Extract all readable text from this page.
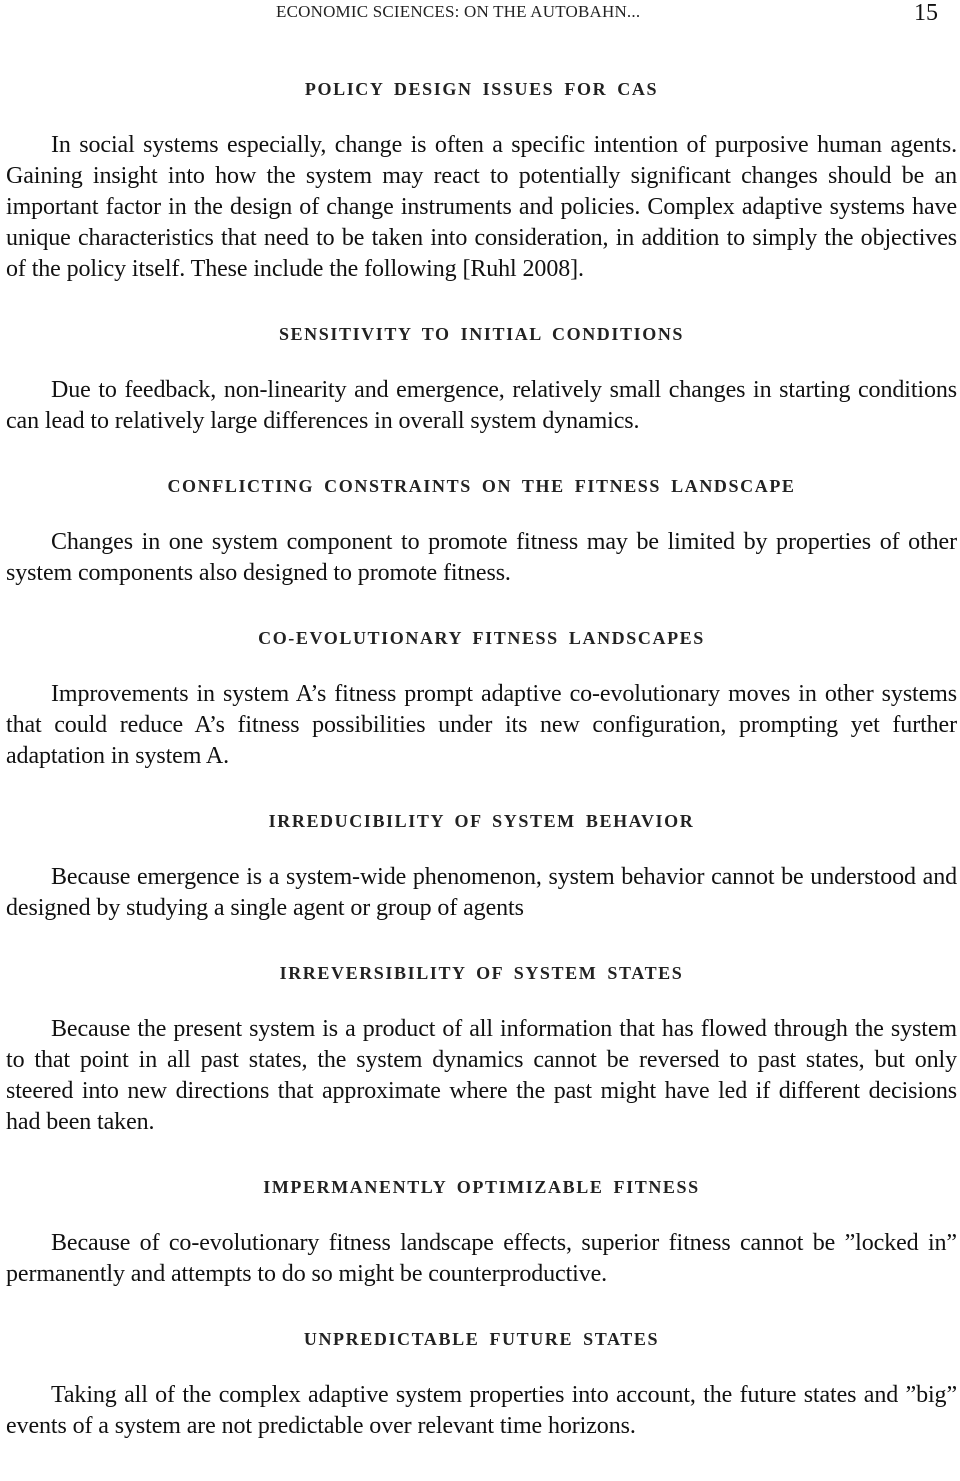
ECONOMIC SCIENCES: ON THE AUTOBAHN...	15
POLICY DESIGN ISSUES FOR CAS

In social systems especially, change is often a specific intention of purposive human agents. Gaining insight into how the system may react to potentially significant changes should be an important factor in the design of change instruments and policies. Complex adaptive systems have unique characteristics that need to be taken into consideration, in addition to simply the objectives of the policy itself. These include the following [Ruhl 2008].

SENSITIVITY TO INITIAL CONDITIONS

Due to feedback, non-linearity and emergence, relatively small changes in starting conditions can lead to relatively large differences in overall system dynamics.

CONFLICTING CONSTRAINTS ON THE FITNESS LANDSCAPE

Changes in one system component to promote fitness may be limited by properties of other system components also designed to promote fitness.

CO-EVOLUTIONARY FITNESS LANDSCAPES

Improvements in system A’s fitness prompt adaptive co-evolutionary moves in other systems that could reduce A’s fitness possibilities under its new configuration, prompting yet further adaptation in system A.

IRREDUCIBILITY OF SYSTEM BEHAVIOR

Because emergence is a system-wide phenomenon, system behavior cannot be understood and designed by studying a single agent or group of agents

IRREVERSIBILITY OF SYSTEM STATES

Because the present system is a product of all information that has flowed through the system to that point in all past states, the system dynamics cannot be reversed to past states, but only steered into new directions that approximate where the past might have led if different decisions had been taken.

IMPERMANENTLY OPTIMIZABLE FITNESS

Because of co-evolutionary fitness landscape effects, superior fitness cannot be ”locked in” permanently and attempts to do so might be counterproductive.

UNPREDICTABLE FUTURE STATES

Taking all of the complex adaptive system properties into account, the future states and ”big” events of a system are not predictable over relevant time horizons.
